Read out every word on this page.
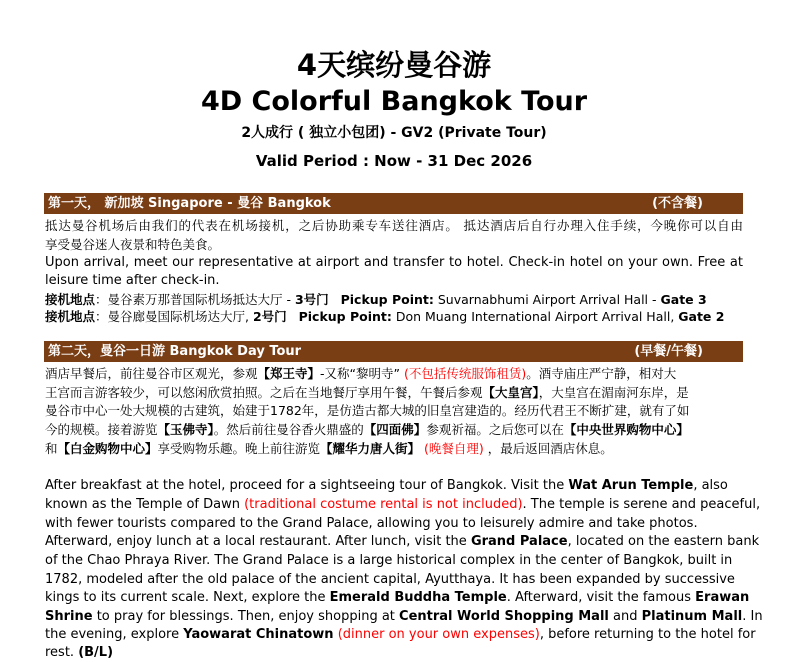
4天缤纷曼谷游
4D Colorful Bangkok Tour
2人成行 ( 独立小包团) - GV2 (Private Tour)
Valid Period : Now - 31 Dec 2026
第一天， 新加坡 Singapore - 曼谷 Bangkok	(不含餐)
抵达曼谷机场后由我们的代表在机场接机，之后协助乘专车送往酒店。 抵达酒店后自行办理入住手续，今晚你可以自由
享受曼谷迷人夜景和特色美食。
Upon arrival, meet our representative at airport and transfer to hotel. Check-in hotel on your own. Free at
leisure time after check-in.
接机地点：曼谷素万那普国际机场抵达大厅 - 3号门 Pickup Point: Suvarnabhumi Airport Arrival Hall - Gate 3
接机地点：曼谷廊曼国际机场达大厅, 2号门 Pickup Point: Don Muang International Airport Arrival Hall, Gate 2
第二天，曼谷一日游 Bangkok Day Tour	(早餐/午餐)
酒店早餐后，前往曼谷市区观光，参观【郑王寺】-又称“黎明寺” (不包括传统服饰租赁)。酒寺庙庄严宁静，相对大
王宫而言游客较少，可以悠闲欣赏拍照。之后在当地餐厅享用午餐，午餐后参观【大皇宫】，大皇宫在湄南河东岸，是
曼谷市中心一处大规模的古建筑，始建于1782年，是仿造古都大城的旧皇宫建造的。经历代君王不断扩建，就有了如
今的规模。接着游览【玉佛寺】。然后前往曼谷香火鼎盛的【四面佛】参观祈福。之后您可以在【中央世界购物中心】
和【白金购物中心】享受购物乐趣。晚上前往游览【耀华力唐人街】 (晚餐自理) ，最后返回酒店休息。
After breakfast at the hotel, proceed for a sightseeing tour of Bangkok. Visit the Wat Arun Temple, also
known as the Temple of Dawn (traditional costume rental is not included). The temple is serene and peaceful,
with fewer tourists compared to the Grand Palace, allowing you to leisurely admire and take photos.
Afterward, enjoy lunch at a local restaurant. After lunch, visit the Grand Palace, located on the eastern bank
of the Chao Phraya River. The Grand Palace is a large historical complex in the center of Bangkok, built in
1782, modeled after the old palace of the ancient capital, Ayutthaya. It has been expanded by successive
kings to its current scale. Next, explore the Emerald Buddha Temple. Afterward, visit the famous Erawan
Shrine to pray for blessings. Then, enjoy shopping at Central World Shopping Mall and Platinum Mall. In
the evening, explore Yaowarat Chinatown (dinner on your own expenses), before returning to the hotel for
rest. (B/L)
